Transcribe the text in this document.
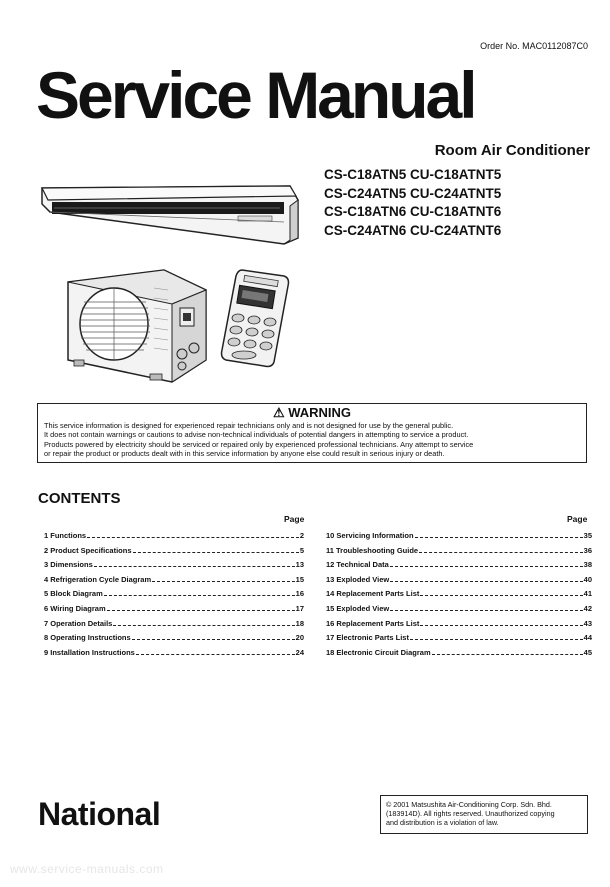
Order No. MAC0112087C0
Service Manual
Room Air Conditioner
CS-C18ATN5 CU-C18ATNT5
CS-C24ATN5 CU-C24ATNT5
CS-C18ATN6 CU-C18ATNT6
CS-C24ATN6 CU-C24ATNT6
⚠ WARNING
This service information is designed for experienced repair technicians only and is not designed for use by the general public.
It does not contain warnings or cautions to advise non-technical individuals of potential dangers in attempting to service a product.
Products powered by electricity should be serviced or repaired only by experienced professional technicians. Any attempt to service
or repair the product or products dealt with in this service information by anyone else could result in serious injury or death.
CONTENTS
Page	Page
1 Functions	2
2 Product Specifications	5
3 Dimensions	13
4 Refrigeration Cycle Diagram	15
5 Block Diagram	16
6 Wiring Diagram	17
7 Operation Details	18
8 Operating Instructions	20
9 Installation Instructions	24
10 Servicing Information	35
11 Troubleshooting Guide	36
12 Technical Data	38
13 Exploded View	40
14 Replacement Parts List	41
15 Exploded View	42
16 Replacement Parts List	43
17 Electronic Parts List	44
18 Electronic Circuit Diagram	45
National	© 2001 Matsushita Air-Conditioning Corp. Sdn. Bhd.
(183914D). All rights reserved. Unauthorized copying
and distribution is a violation of law.
www.service-manuals.com
